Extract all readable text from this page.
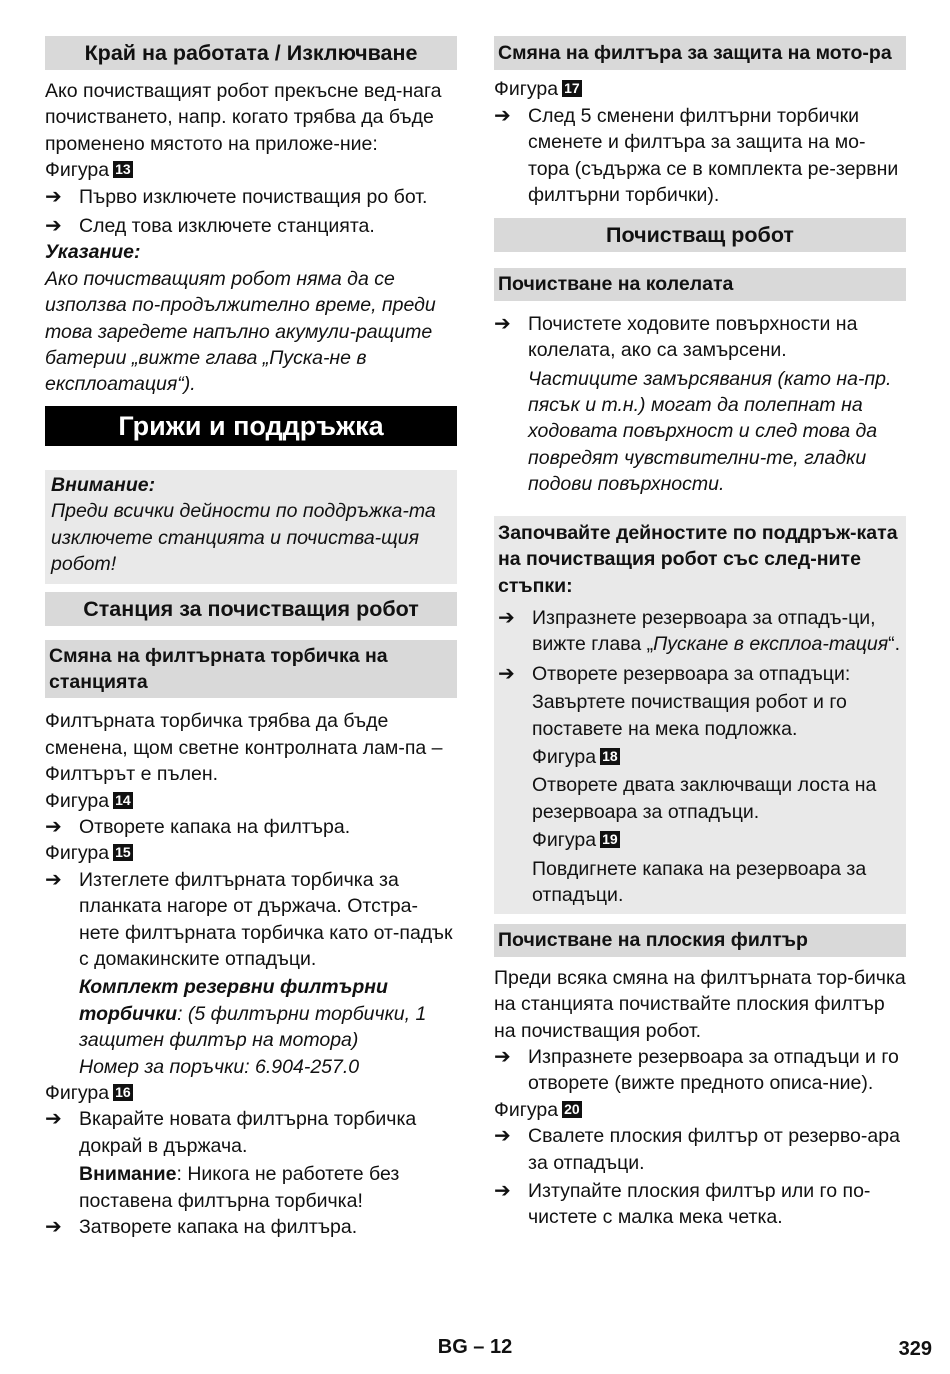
Край на работата / Изключване

Ако почистващият робот прекъсне вед-нага почистването, напр. когато трябва да бъде променено мястото на приложе-ние:

Фигура 13

➔ Първо изключете почистващия ро бот.
➔ След това изключете станцията.

Указание:

Ако почистващият робот няма да се използва по-продължително време, преди това заредете напълно акумули-ращите батерии „вижте глава „Пуска-не в експлоатация“).

Грижи и поддръжка

Внимание:

Преди всички дейности по поддръжка-та изключете станцията и почиства-щия робот!

Станция за почистващия робот
Смяна на филтърната торбичка на станцията

Филтърната торбичка трябва да бъде сменена, щом светне контролната лам-па – Филтърът е пълен.

Фигура 14

➔ Отворете капака на филтъра.

Фигура 15

➔ Изтеглете филтърната торбичка за планката нагоре от държача. Отстра-нете филтърната торбичка като от-падък с домакинските отпадъци.
Комплект резервни филтърни торбички: (5 филтърни торбички, 1 защитен филтър на мотора)
Номер за поръчки: 6.904-257.0

Фигура 16

➔ Вкарайте новата филтърна торбичка докрай в държача.
Внимание: Никога не работете без поставена филтърна торбичка!
➔ Затворете капака на филтъра.
Смяна на филтъра за защита на мото-ра

Фигура 17

➔ След 5 сменени филтърни торбички сменете и филтъра за защита на мо-тора (съдържа се в комплекта ре-зервни филтърни торбички).
Почистващ робот
Почистване на колелата
➔ Почистете ходовите повърхности на колелата, ако са замърсени.
Частиците замърсявания (като на-пр. пясък и т.н.) могат да полепнат на ходовата повърхност и след това да повредят чувствителни-те, гладки подови повърхности.

Започвайте дейностите по поддръж-ката на почистващия робот със след-ните стъпки:

➔ Изпразнете резервоара за отпадъ-ци, вижте глава „Пускане в експлоа-тация“.
➔ Отворете резервоара за отпадъци:
Завъртете почистващия робот и го поставете на мека подложка.
Фигура 18
Отворете двата заключващи лоста на резервоара за отпадъци.
Фигура 19
Повдигнете капака на резервоара за отпадъци.
Почистване на плоския филтър

Преди всяка смяна на филтърната тор-бичка на станцията почиствайте плоския филтър на почистващия робот.

➔ Изпразнете резервоара за отпадъци и го отворете (вижте предното описа-ние).

Фигура 20

➔ Свалете плоския филтър от резерво-ара за отпадъци.
➔ Изтупайте плоския филтър или го по-чистете с малка мека четка.
BG – 12	329
